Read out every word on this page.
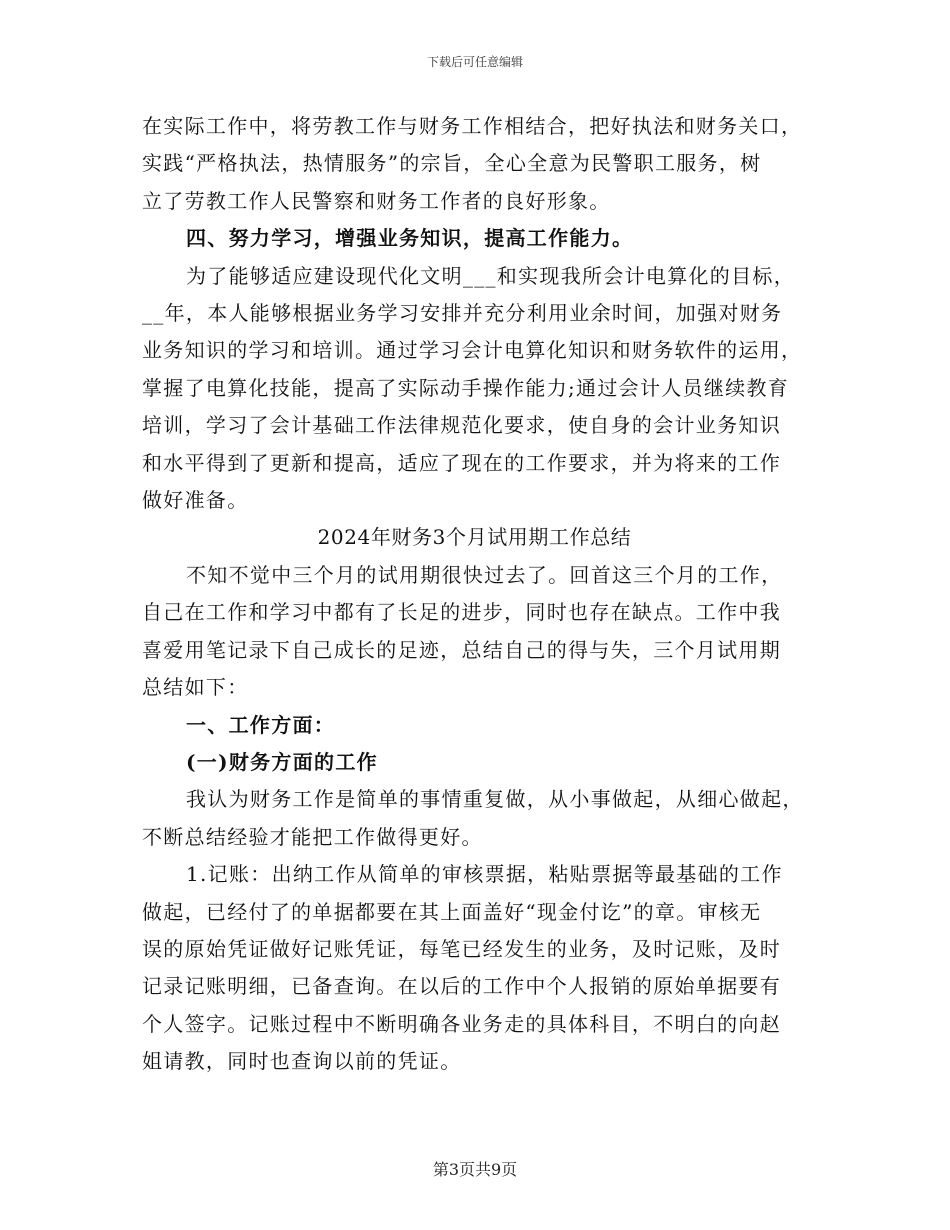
下载后可任意编辑

在实际工作中，将劳教工作与财务工作相结合，把好执法和财务关口，

实践“严格执法，热情服务”的宗旨，全心全意为民警职工服务，树

立了劳教工作人民警察和财务工作者的良好形象。

四、努力学习，增强业务知识，提高工作能力。

为了能够适应建设现代化文明___和实现我所会计电算化的目标，

__年，本人能够根据业务学习安排并充分利用业余时间，加强对财务

业务知识的学习和培训。通过学习会计电算化知识和财务软件的运用，

掌握了电算化技能，提高了实际动手操作能力;通过会计人员继续教育

培训，学习了会计基础工作法律规范化要求，使自身的会计业务知识

和水平得到了更新和提高，适应了现在的工作要求，并为将来的工作

做好准备。

2024年财务3个月试用期工作总结

不知不觉中三个月的试用期很快过去了。回首这三个月的工作，

自己在工作和学习中都有了长足的进步，同时也存在缺点。工作中我

喜爱用笔记录下自己成长的足迹，总结自己的得与失，三个月试用期

总结如下：

一、工作方面：

(一)财务方面的工作

我认为财务工作是简单的事情重复做，从小事做起，从细心做起，

不断总结经验才能把工作做得更好。

1.记账：出纳工作从简单的审核票据，粘贴票据等最基础的工作

做起，已经付了的单据都要在其上面盖好“现金付讫”的章。审核无

误的原始凭证做好记账凭证，每笔已经发生的业务，及时记账，及时

记录记账明细，已备查询。在以后的工作中个人报销的原始单据要有

个人签字。记账过程中不断明确各业务走的具体科目，不明白的向赵

姐请教，同时也查询以前的凭证。

第3页共9页
